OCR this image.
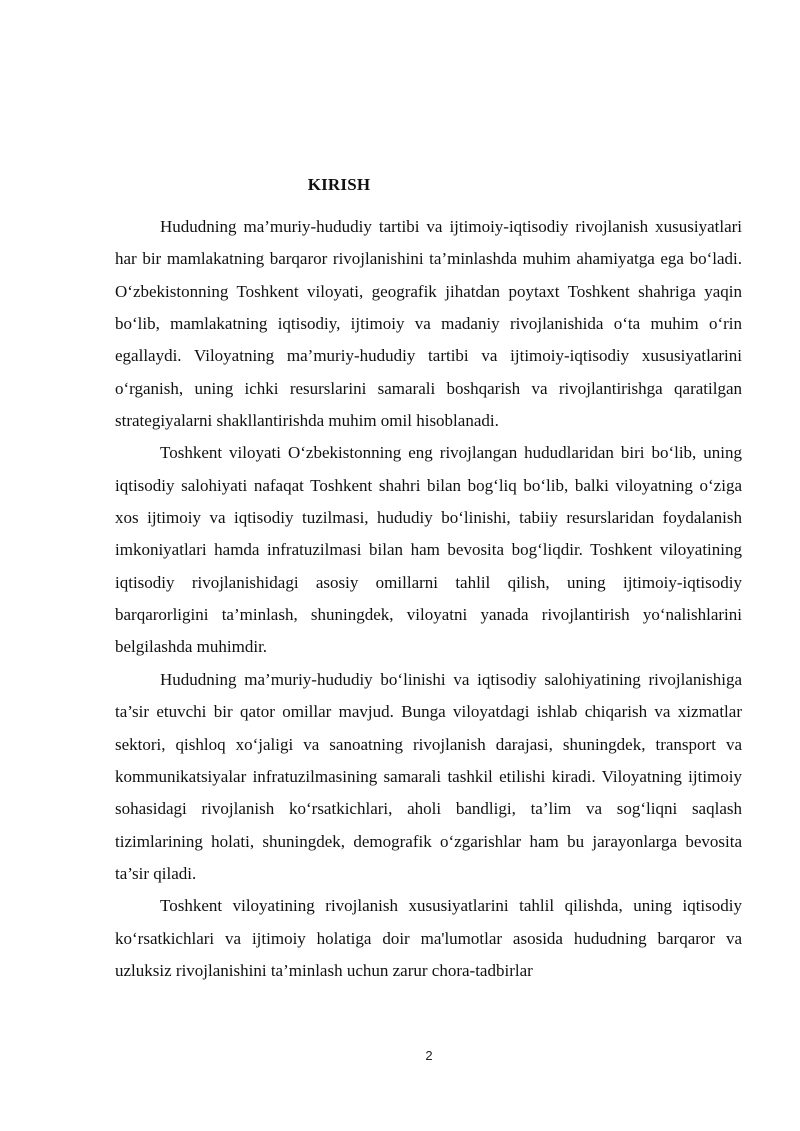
KIRISH

Hududning ma’muriy-hududiy tartibi va ijtimoiy-iqtisodiy rivojlanish xususiyatlari har bir mamlakatning barqaror rivojlanishini ta’minlashda muhim ahamiyatga ega bo‘ladi. O‘zbekistonning Toshkent viloyati, geografik jihatdan poytaxt Toshkent shahriga yaqin bo‘lib, mamlakatning iqtisodiy, ijtimoiy va madaniy rivojlanishida o‘ta muhim o‘rin egallaydi. Viloyatning ma’muriy-hududiy tartibi va ijtimoiy-iqtisodiy xususiyatlarini o‘rganish, uning ichki resurslarini samarali boshqarish va rivojlantirishga qaratilgan strategiyalarni shakllantirishda muhim omil hisoblanadi.

Toshkent viloyati O‘zbekistonning eng rivojlangan hududlaridan biri bo‘lib, uning iqtisodiy salohiyati nafaqat Toshkent shahri bilan bog‘liq bo‘lib, balki viloyatning o‘ziga xos ijtimoiy va iqtisodiy tuzilmasi, hududiy bo‘linishi, tabiiy resurslaridan foydalanish imkoniyatlari hamda infratuzilmasi bilan ham bevosita bog‘liqdir. Toshkent viloyatining iqtisodiy rivojlanishidagi asosiy omillarni tahlil qilish, uning ijtimoiy-iqtisodiy barqarorligini ta’minlash, shuningdek, viloyatni yanada rivojlantirish yo‘nalishlarini belgilashda muhimdir.

Hududning ma’muriy-hududiy bo‘linishi va iqtisodiy salohiyatining rivojlanishiga ta’sir etuvchi bir qator omillar mavjud. Bunga viloyatdagi ishlab chiqarish va xizmatlar sektori, qishloq xo‘jaligi va sanoatning rivojlanish darajasi, shuningdek, transport va kommunikatsiyalar infratuzilmasining samarali tashkil etilishi kiradi. Viloyatning ijtimoiy sohasidagi rivojlanish ko‘rsatkichlari, aholi bandligi, ta’lim va sog‘liqni saqlash tizimlarining holati, shuningdek, demografik o‘zgarishlar ham bu jarayonlarga bevosita ta’sir qiladi.

Toshkent viloyatining rivojlanish xususiyatlarini tahlil qilishda, uning iqtisodiy ko‘rsatkichlari va ijtimoiy holatiga doir ma'lumotlar asosida hududning barqaror va uzluksiz rivojlanishini ta’minlash uchun zarur chora-tadbirlar

2
